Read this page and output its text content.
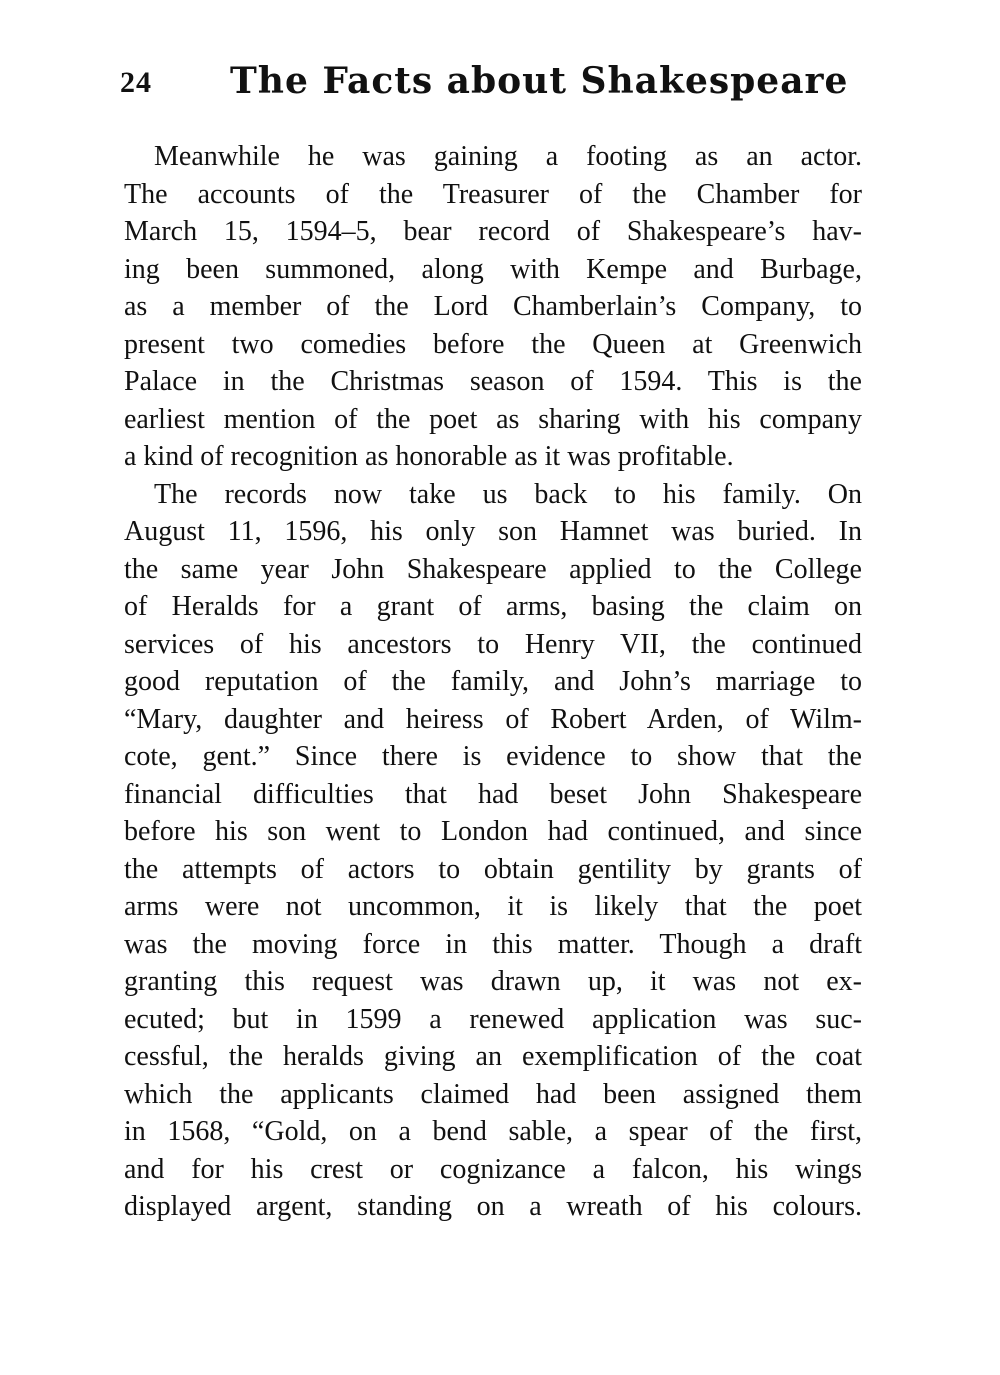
24 The Facts about Shakespeare
Meanwhile he was gaining a footing as an actor.
The accounts of the Treasurer of the Chamber for
March 15, 1594–5, bear record of Shakespeare’s hav-
ing been summoned, along with Kempe and Burbage,
as a member of the Lord Chamberlain’s Company, to
present two comedies before the Queen at Greenwich
Palace in the Christmas season of 1594. This is the
earliest mention of the poet as sharing with his company
a kind of recognition as honorable as it was profitable.
The records now take us back to his family. On
August 11, 1596, his only son Hamnet was buried. In
the same year John Shakespeare applied to the College
of Heralds for a grant of arms, basing the claim on
services of his ancestors to Henry VII, the continued
good reputation of the family, and John’s marriage to
“Mary, daughter and heiress of Robert Arden, of Wilm-
cote, gent.” Since there is evidence to show that the
financial difficulties that had beset John Shakespeare
before his son went to London had continued, and since
the attempts of actors to obtain gentility by grants of
arms were not uncommon, it is likely that the poet
was the moving force in this matter. Though a draft
granting this request was drawn up, it was not ex-
ecuted; but in 1599 a renewed application was suc-
cessful, the heralds giving an exemplification of the coat
which the applicants claimed had been assigned them
in 1568, “Gold, on a bend sable, a spear of the first,
and for his crest or cognizance a falcon, his wings
displayed argent, standing on a wreath of his colours.
